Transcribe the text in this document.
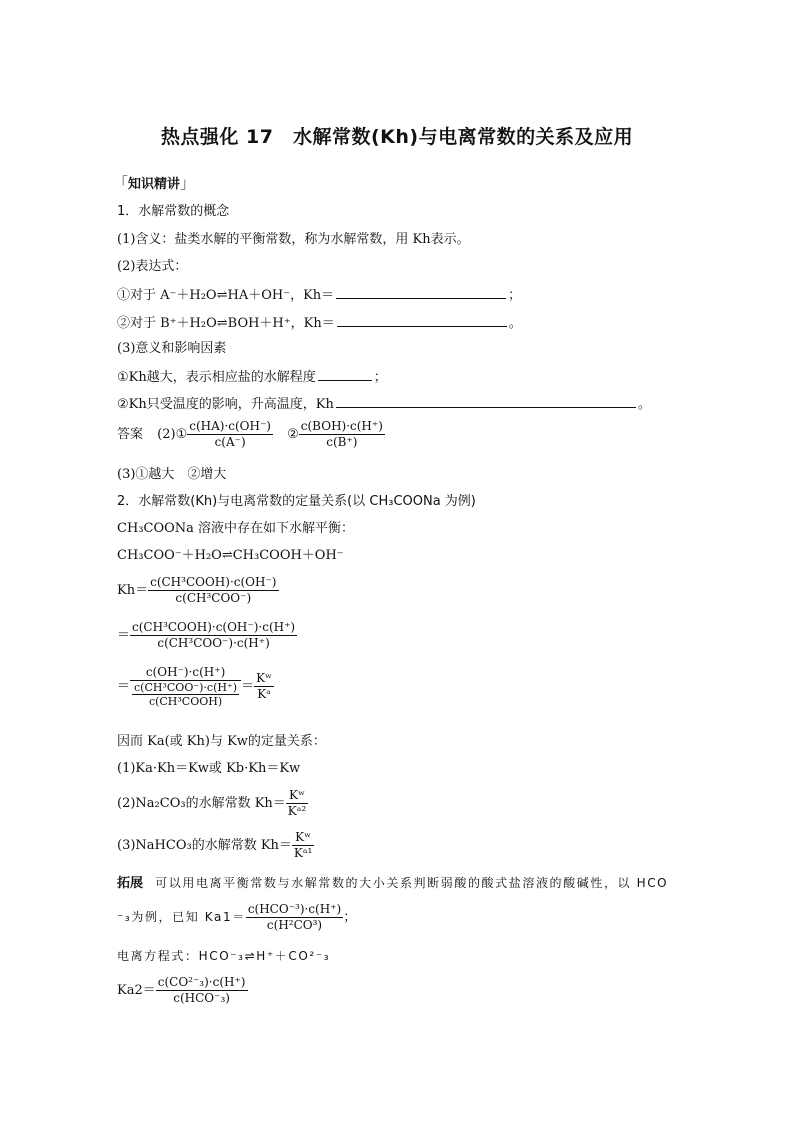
热点强化 17　水解常数(Kh)与电离常数的关系及应用
「知识精讲」
1．水解常数的概念
(1)含义：盐类水解的平衡常数，称为水解常数，用 Kh表示。
(2)表达式：
①对于 A⁻＋H₂O⇌HA＋OH⁻，Kh＝	；
②对于 B⁺＋H₂O⇌BOH＋H⁺，Kh＝	。
(3)意义和影响因素
①Kh越大，表示相应盐的水解程度	；
②Kh只受温度的影响，升高温度，Kh	。
答案 (2)① $\frac{c(HA)\cdot c(OH^-)}{c(A^-)}$ ② $\frac{\text{c(BOH)·c(H⁺)}}{c(B^+)}$
(3)①越大　②增大
2．水解常数(Kh)与电离常数的定量关系(以 CH₃COONa 为例)
CH₃COONa 溶液中存在如下水解平衡：
CH₃COO⁻＋H₂O⇌CH₃COOH＋OH⁻
$Kh= \frac{\text{c(CH³COOH)·c(OH⁻)}}{\text{c(CH³COO⁻)}}$
＝ $\frac{\text{c(CH³COOH)·c(OH⁻)·c(H⁺)}}{\text{c(CH³COO⁻)·c(H⁺)}}$
＝ $\frac{c(OH^-)\cdot c(H^+)}{\frac{\text{c(CH³COO⁻)·c(H⁺)}}{\text{c(CH³COOH)}}} = \frac{\text{Kʷ}}{\text{Kᵃ}}$
因而 Ka(或 Kh)与 Kw的定量关系：
(1)Ka·Kh＝Kw或 Kb·Kh＝Kw
(2)Na₂CO₃的水解常数 $Kh= \frac{\text{Kʷ}}{\text{Kᵃ²}}$
(3)NaHCO₃的水解常数 $Kh= \frac{\text{Kʷ}}{\text{Kᵃ¹}}$
拓展 可以用电离平衡常数与水解常数的大小关系判断弱酸的酸式盐溶液的酸碱性，以 HCO
⁻₃为例，已知 $Ka1= \frac{\text{c(HCO⁻³)·c(H⁺)}}{\text{c(H²CO³)}}$ ；
电离方程式：HCO⁻₃⇌H⁺＋CO²⁻₃
$Ka2= \frac{\text{c(CO²⁻₃)·c(H⁺)}}{\text{c(HCO⁻₃)}}$
